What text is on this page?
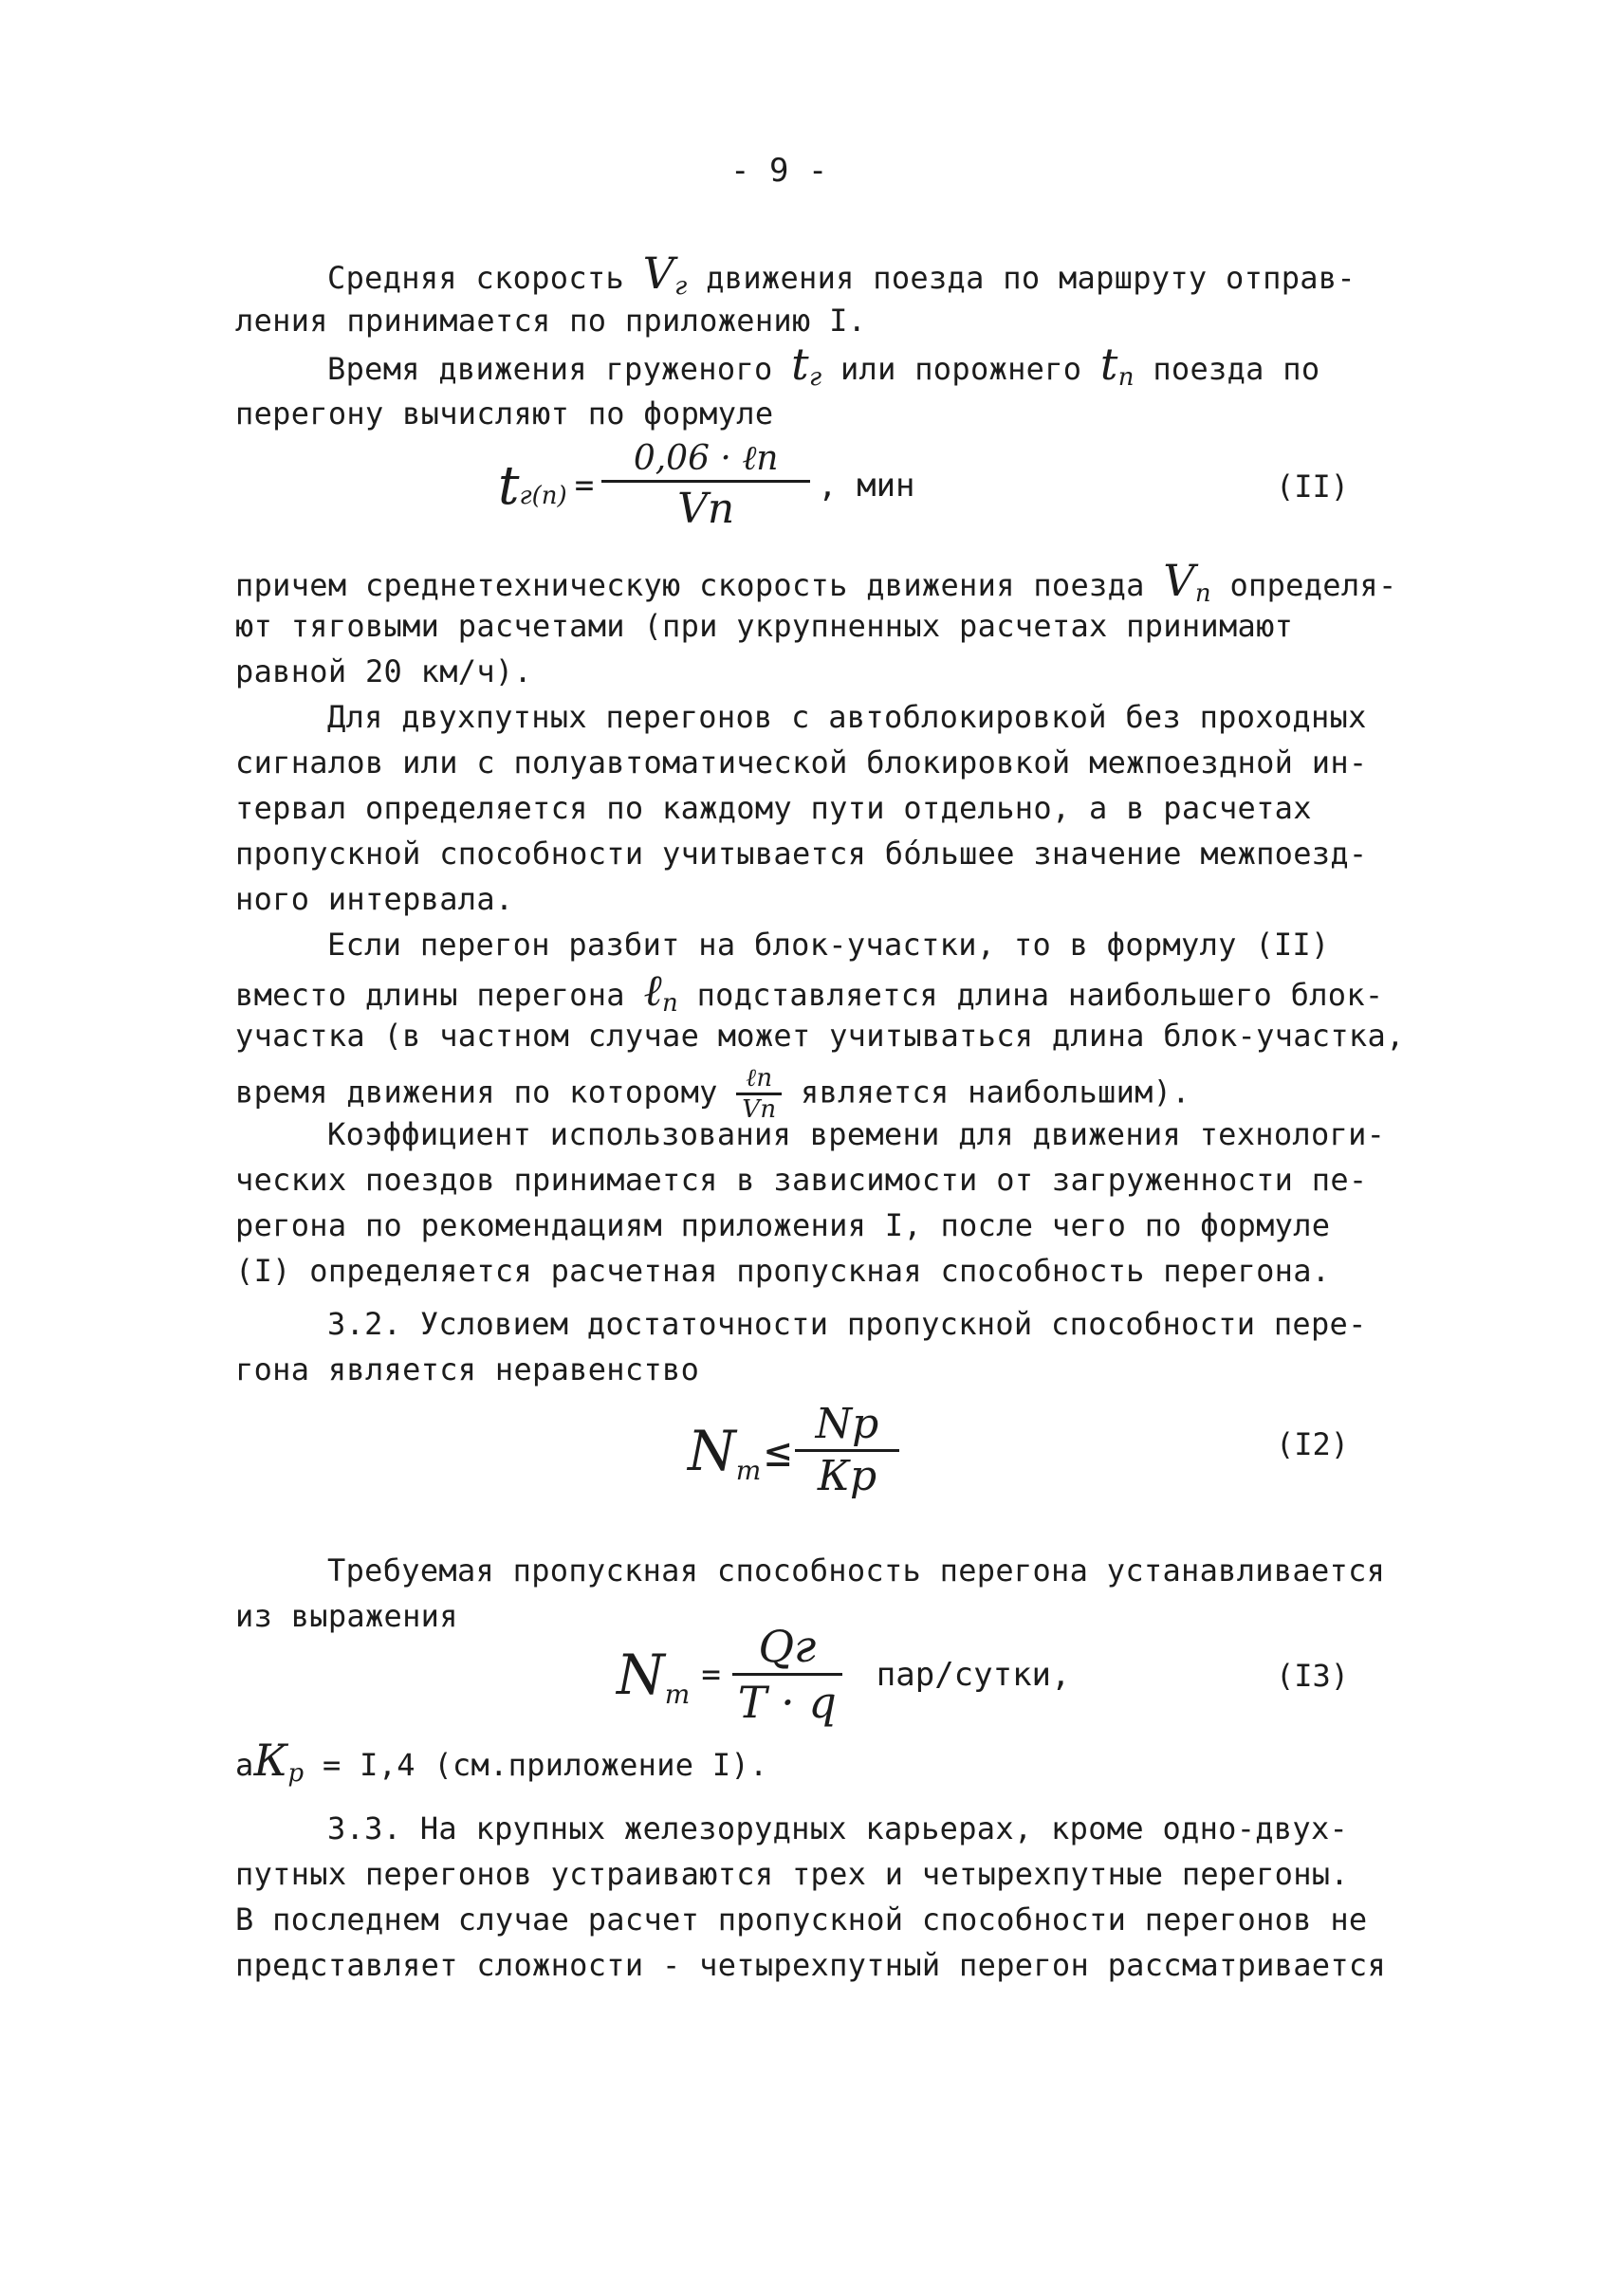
- 9 -
Средняя скорость Vг движения поезда по маршруту отправ-
ления принимается по приложению I.
Время движения груженого tг или порожнего tп поезда по
перегону вычисляют по формуле
$tг(п) = \frac{\text{0,06 · ℓп}}{Vп}$ , мин	(II)
причем среднетехническую скорость движения поезда Vп определя-
ют тяговыми расчетами (при укрупненных расчетах принимают
равной 20 км/ч).
Для двухпутных перегонов с автоблокировкой без проходных
сигналов или с полуавтоматической блокировкой межпоездной ин-
тервал определяется по каждому пути отдельно, а в расчетах
пропускной способности учитывается бо́льшее значение межпоезд-
ного интервала.
Если перегон разбит на блок-участки, то в формулу (II)
вместо длины перегона ℓп подставляется длина наибольшего блок-
участка (в частном случае может учитываться длина блок-участка,
время движения по которому $\frac{\text{ℓп}}{Vп}$ является наибольшим).
Коэффициент использования времени для движения технологи-
ческих поездов принимается в зависимости от загруженности пе-
регона по рекомендациям приложения I, после чего по формуле
(I) определяется расчетная пропускная способность перегона.
3.2. Условием достаточности пропускной способности пере-
гона является неравенство
Nт ≤ $\frac{Nр}{Кр}$	(I2)
Требуемая пропускная способность перегона устанавливается
из выражения
Nт
= $\frac{Qг}{T \cdot q}$ пар/сутки,	(I3)
аКр = I,4 (см.приложение I).
3.3. На крупных железорудных карьерах, кроме одно-двух-
путных перегонов устраиваются трех и четырехпутные перегоны.
В последнем случае расчет пропускной способности перегонов не
представляет сложности - четырехпутный перегон рассматривается
